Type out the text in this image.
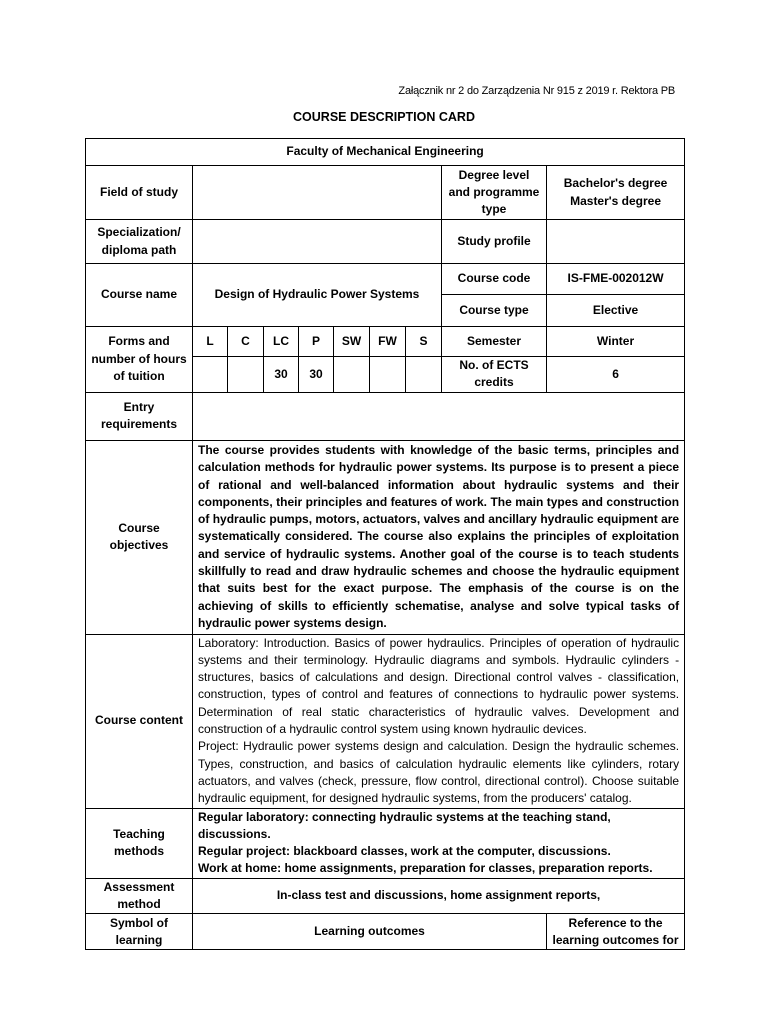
Załącznik nr 2 do Zarządzenia Nr 915 z 2019 r. Rektora PB
COURSE DESCRIPTION CARD
Faculty of Mechanical Engineering									
Field of study								Degree level and programme type	Bachelor's degree
Master's degree

Specialization/ diploma path								Study profile	
Course name	Design of Hydraulic Power Systems							Course code	IS-FME-002012W
								Course type	Elective
Forms and number of hours of tuition	L	C	LC	P	SW	FW	S	Semester	Winter
			30	30				No. of ECTS credits	6
Entry requirements									
Course objectives	The course provides students with knowledge of the basic terms, principles and calculation methods for hydraulic power systems. Its purpose is to present a piece of rational and well-balanced information about hydraulic systems and their components, their principles and features of work. The main types and construction of hydraulic pumps, motors, actuators, valves and ancillary hydraulic equipment are systematically considered. The course also explains the principles of exploitation and service of hydraulic systems. Another goal of the course is to teach students skillfully to read and draw hydraulic schemes and choose the hydraulic equipment that suits best for the exact purpose. The emphasis of the course is on the achieving of skills to efficiently schematise, analyse and solve typical tasks of hydraulic power systems design.								
Course content	Laboratory: Introduction. Basics of power hydraulics. Principles of operation of hydraulic systems and their terminology. Hydraulic diagrams and symbols. Hydraulic cylinders - structures, basics of calculations and design. Directional control valves - classification, construction, types of control and features of connections to hydraulic power systems. Determination of real static characteristics of hydraulic valves. Development and construction of a hydraulic control system using known hydraulic devices.
Project: Hydraulic power systems design and calculation. Design the hydraulic schemes. Types, construction, and basics of calculation hydraulic elements like cylinders, rotary actuators, and valves (check, pressure, flow control, directional control). Choose suitable hydraulic equipment, for designed hydraulic systems, from the producers' catalog.								

Teaching methods	Regular laboratory: connecting hydraulic systems at the teaching stand, discussions.
Regular project: blackboard classes, work at the computer, discussions.
Work at home: home assignments, preparation for classes, preparation reports.								

Assessment method	In-class test and discussions, home assignment reports,								
Symbol of learning	Learning outcomes								Reference to the learning outcomes for
